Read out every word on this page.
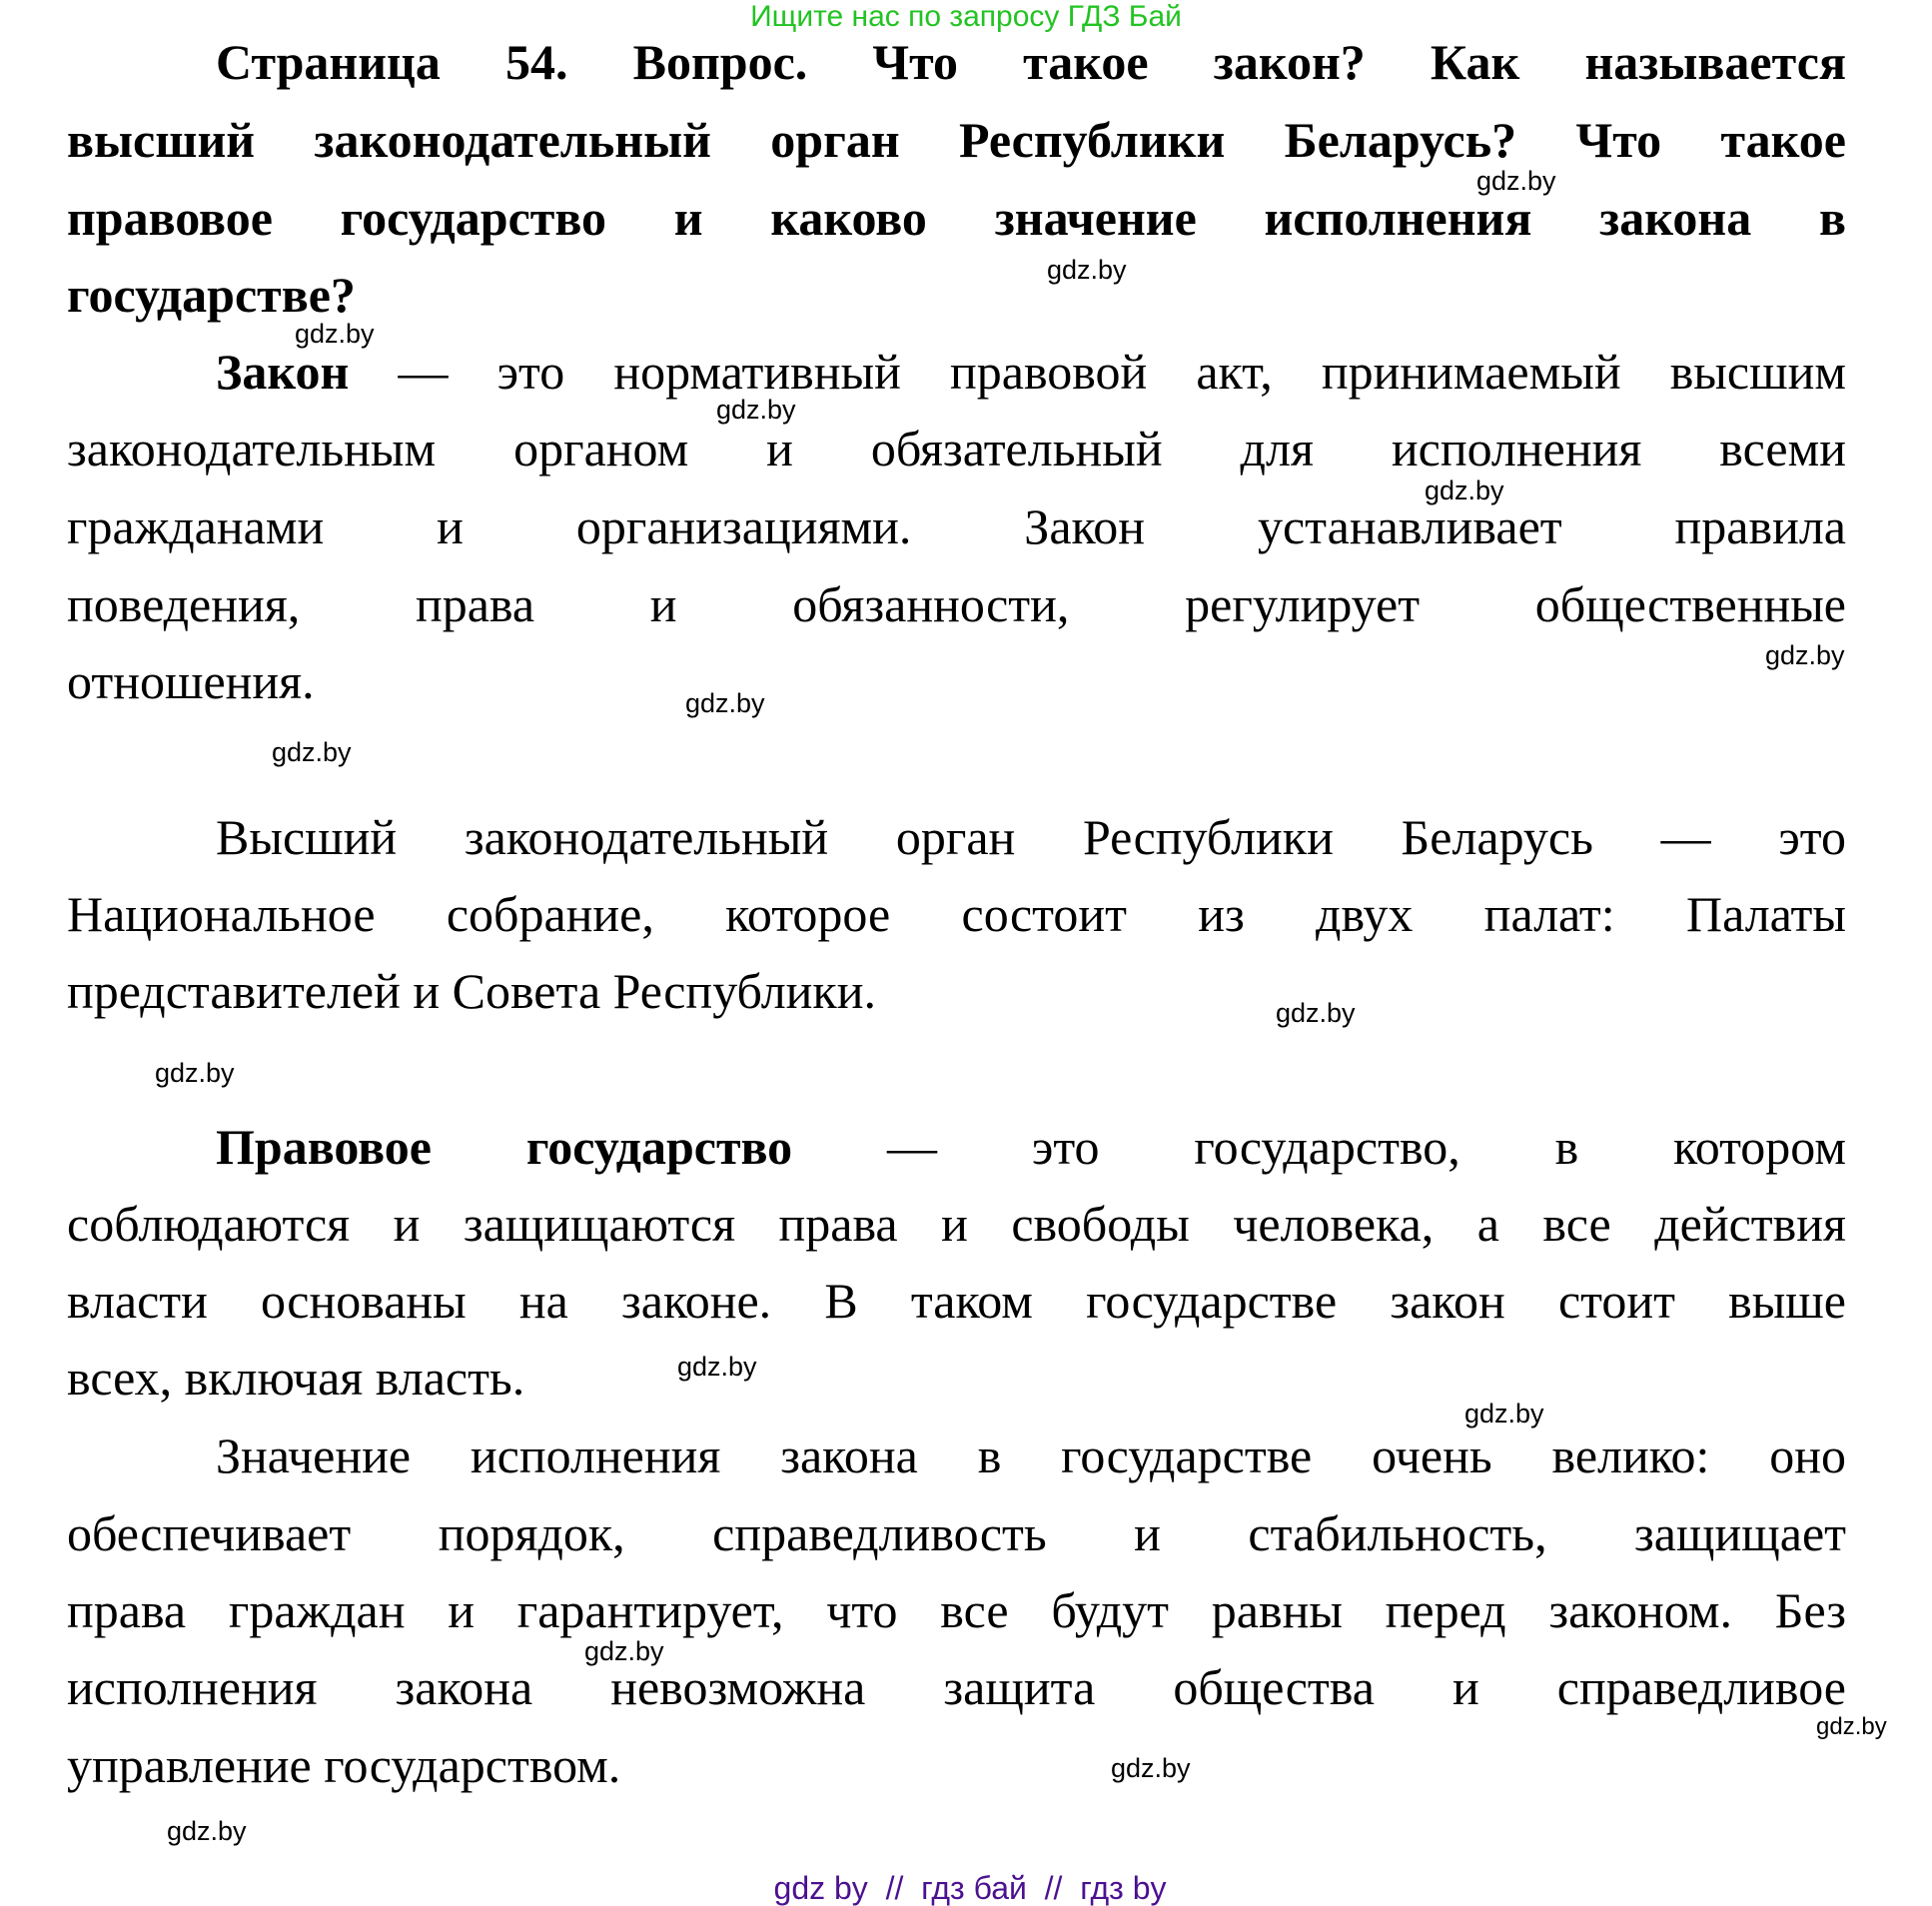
Ищите нас по запросу ГДЗ Бай
Страница 54. Вопрос. Что такое закон? Как называется
высший законодательный орган Республики Беларусь? Что такое
правовое государство и каково значение исполнения закона в
государстве?
Закон — это нормативный правовой акт, принимаемый высшим
законодательным органом и обязательный для исполнения всеми
гражданами и организациями. Закон устанавливает правила
поведения, права и обязанности, регулирует общественные
отношения.
Высший законодательный орган Республики Беларусь — это
Национальное собрание, которое состоит из двух палат: Палаты
представителей и Совета Республики.
Правовое государство — это государство, в котором
соблюдаются и защищаются права и свободы человека, а все действия
власти основаны на законе. В таком государстве закон стоит выше
всех, включая власть.
Значение исполнения закона в государстве очень велико: оно
обеспечивает порядок, справедливость и стабильность, защищает
права граждан и гарантирует, что все будут равны перед законом. Без
исполнения закона невозможна защита общества и справедливое
управление государством.
gdz.by
gdz.by
gdz.by
gdz.by
gdz.by
gdz.by
gdz.by
gdz.by
gdz.by
gdz.by
gdz.by
gdz.by
gdz.by
gdz.by
gdz.by
gdz.by
gdz by  //  гдз бай  //  гдз by
